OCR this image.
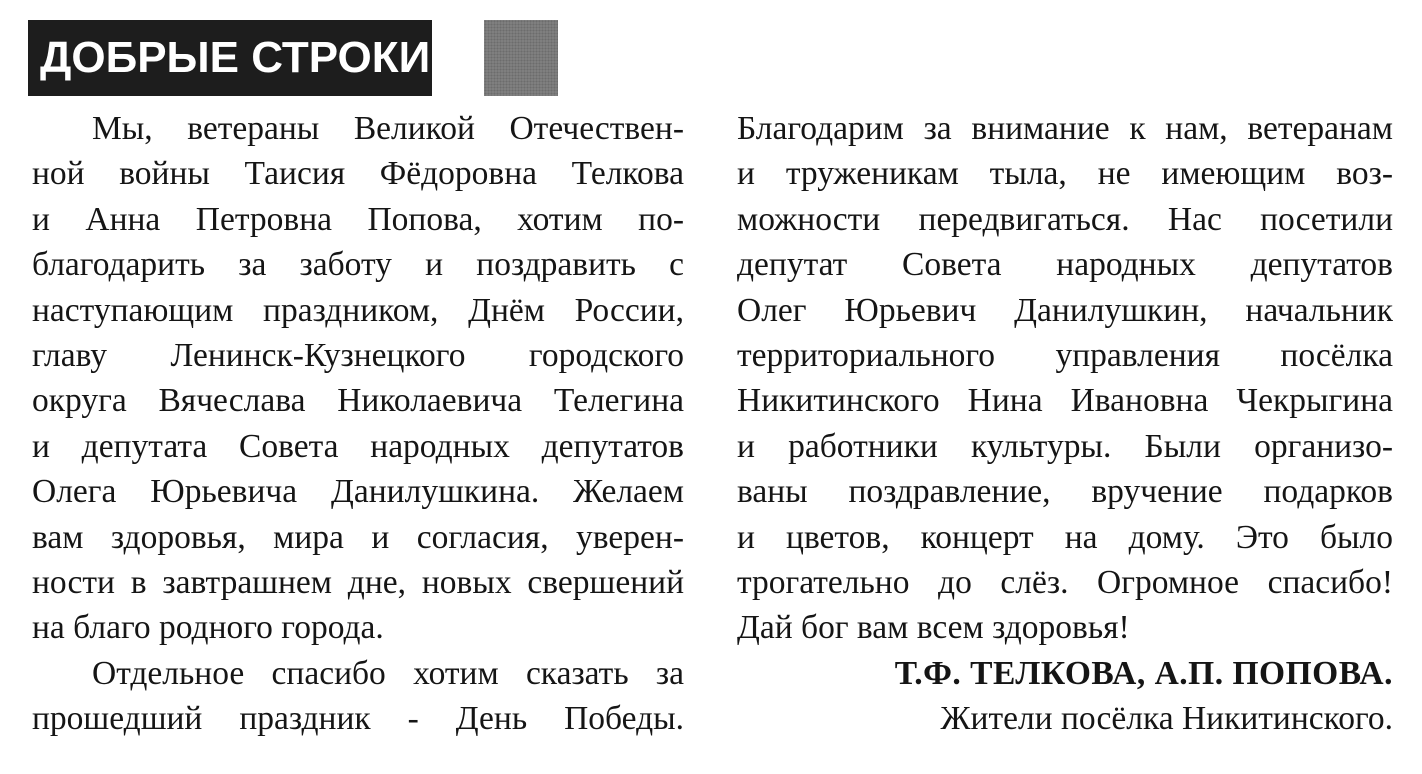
ДОБРЫЕ СТРОКИ
Мы, ветераны Великой Отечествен-
ной войны Таисия Фёдоровна Телкова
и Анна Петровна Попова, хотим по-
благодарить за заботу и поздравить с
наступающим праздником, Днём России,
главу Ленинск-Кузнецкого городского
округа Вячеслава Николаевича Телегина
и депутата Совета народных депутатов
Олега Юрьевича Данилушкина. Желаем
вам здоровья, мира и согласия, уверен-
ности в завтрашнем дне, новых свершений
на благо родного города.
Отдельное спасибо хотим сказать за
прошедший праздник - День Победы.
Благодарим за внимание к нам, ветеранам
и труженикам тыла, не имеющим воз-
можности передвигаться. Нас посетили
депутат Совета народных депутатов
Олег Юрьевич Данилушкин, начальник
территориального управления посёлка
Никитинского Нина Ивановна Чекрыгина
и работники культуры. Были организо-
ваны поздравление, вручение подарков
и цветов, концерт на дому. Это было
трогательно до слёз. Огромное спасибо!
Дай бог вам всем здоровья!
Т.Ф. ТЕЛКОВА, А.П. ПОПОВА.
Жители посёлка Никитинского.
